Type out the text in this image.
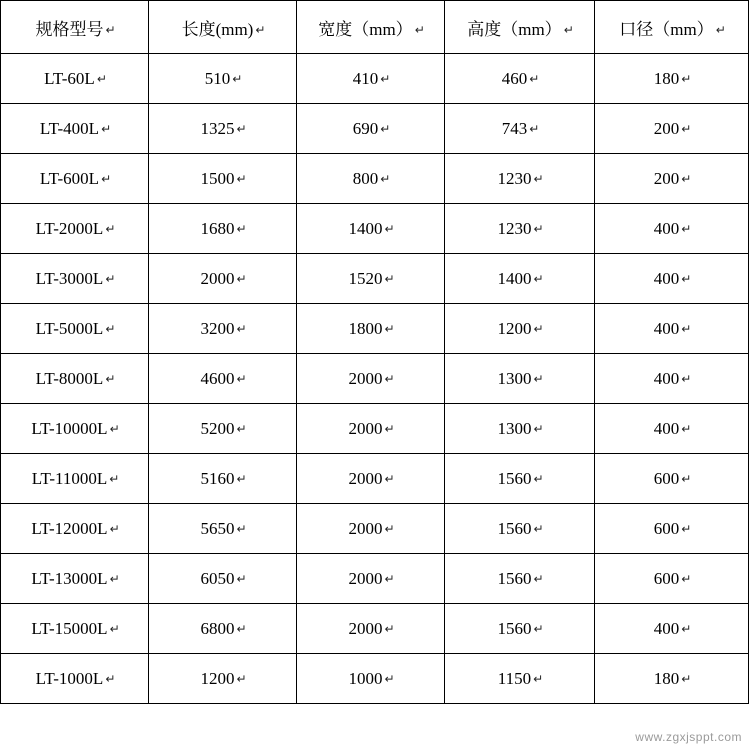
规格型号 ↵	长度(mm) ↵	宽度（mm） ↵	高度（mm） ↵	口径（mm） ↵
LT-60L ↵	510 ↵	410 ↵	460 ↵	180 ↵
LT-400L ↵	1325 ↵	690 ↵	743 ↵	200 ↵
LT-600L ↵	1500 ↵	800 ↵	1230 ↵	200 ↵
LT-2000L ↵	1680 ↵	1400 ↵	1230 ↵	400 ↵
LT-3000L ↵	2000 ↵	1520 ↵	1400 ↵	400 ↵
LT-5000L ↵	3200 ↵	1800 ↵	1200 ↵	400 ↵
LT-8000L ↵	4600 ↵	2000 ↵	1300 ↵	400 ↵
LT-10000L ↵	5200 ↵	2000 ↵	1300 ↵	400 ↵
LT-11000L ↵	5160 ↵	2000 ↵	1560 ↵	600 ↵
LT-12000L ↵	5650 ↵	2000 ↵	1560 ↵	600 ↵
LT-13000L ↵	6050 ↵	2000 ↵	1560 ↵	600 ↵
LT-15000L ↵	6800 ↵	2000 ↵	1560 ↵	400 ↵
LT-1000L ↵	1200 ↵	1000 ↵	1150 ↵	180 ↵
www.zgxjsppt.com
